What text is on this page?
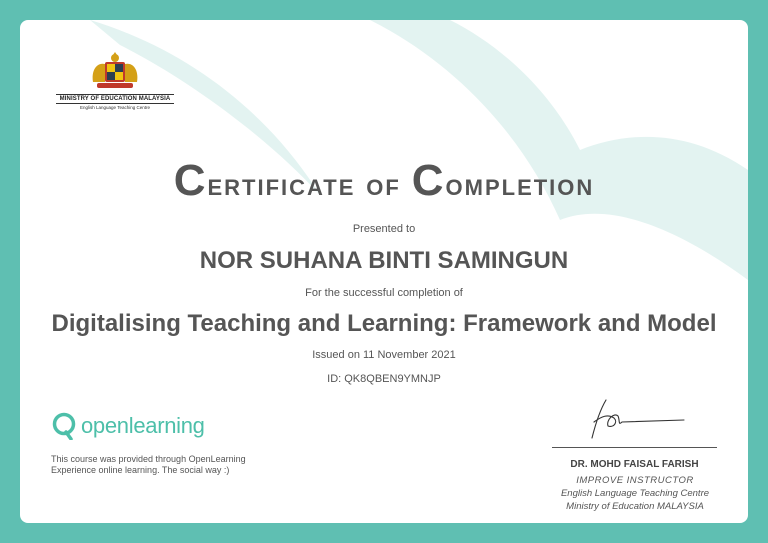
MINISTRY OF EDUCATION MALAYSIA
English Language Teaching Centre
Certificate of Completion
Presented to
NOR SUHANA BINTI SAMINGUN
For the successful completion of
Digitalising Teaching and Learning: Framework and Model
Issued on 11 November 2021
ID: QK8QBEN9YMNJP
openlearning
This course was provided through OpenLearning Experience online learning. The social way :)	DR. MOHD FAISAL FARISH
IMPROVE INSTRUCTOR
English Language Teaching Centre
Ministry of Education MALAYSIA
